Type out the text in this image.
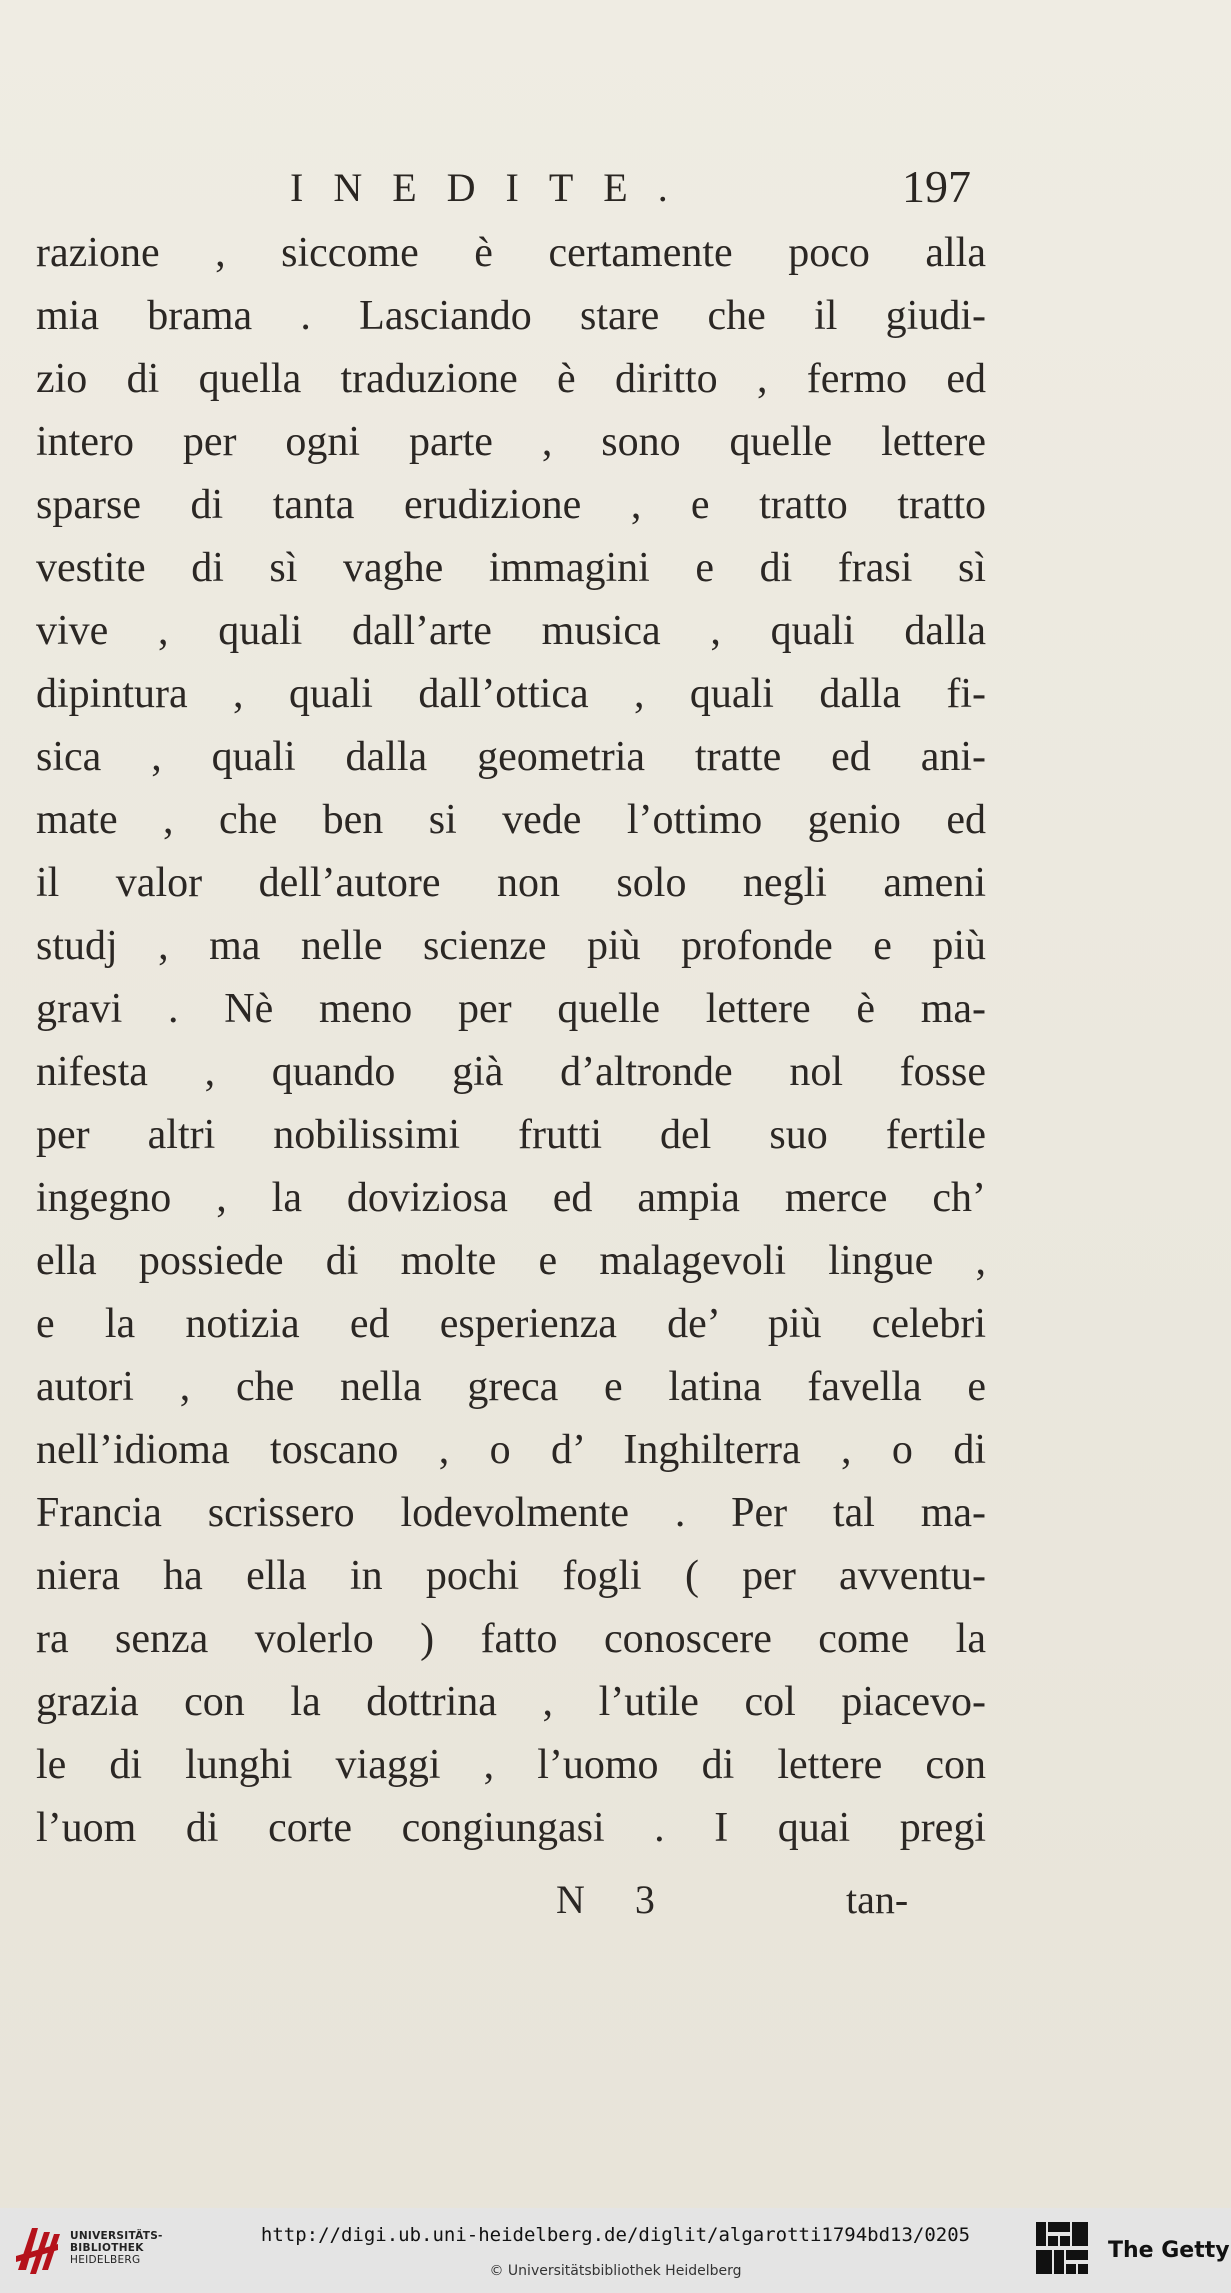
INEDITE.	197
razione , siccome è certamente poco alla
mia brama . Lasciando stare che il giudi-
zio di quella traduzione è diritto , fermo ed
intero per ogni parte , sono quelle lettere
sparse di tanta erudizione , e tratto tratto
vestite di sì vaghe immagini e di frasi sì
vive , quali dall’arte musica , quali dalla
dipintura , quali dall’ottica , quali dalla fi-
sica , quali dalla geometria tratte ed ani-
mate , che ben si vede l’ottimo genio ed
il valor dell’autore non solo negli ameni
studj , ma nelle scienze più profonde e più
gravi . Nè meno per quelle lettere è ma-
nifesta , quando già d’altronde nol fosse
per altri nobilissimi frutti del suo fertile
ingegno , la doviziosa ed ampia merce ch’
ella possiede di molte e malagevoli lingue ,
e la notizia ed esperienza de’ più celebri
autori , che nella greca e latina favella e
nell’idioma toscano , o d’ Inghilterra , o di
Francia scrissero lodevolmente . Per tal ma-
niera ha ella in pochi fogli ( per avventu-
ra senza volerlo ) fatto conoscere come la
grazia con la dottrina , l’utile col piacevo-
le di lunghi viaggi , l’uomo di lettere con
l’uom di corte congiungasi . I quai pregi
N 3	tan-
UNIVERSITÄTS-
BIBLIOTHEK
HEIDELBERG
http://digi.ub.uni-heidelberg.de/diglit/algarotti1794bd13/0205
© Universitätsbibliothek Heidelberg
The Getty
